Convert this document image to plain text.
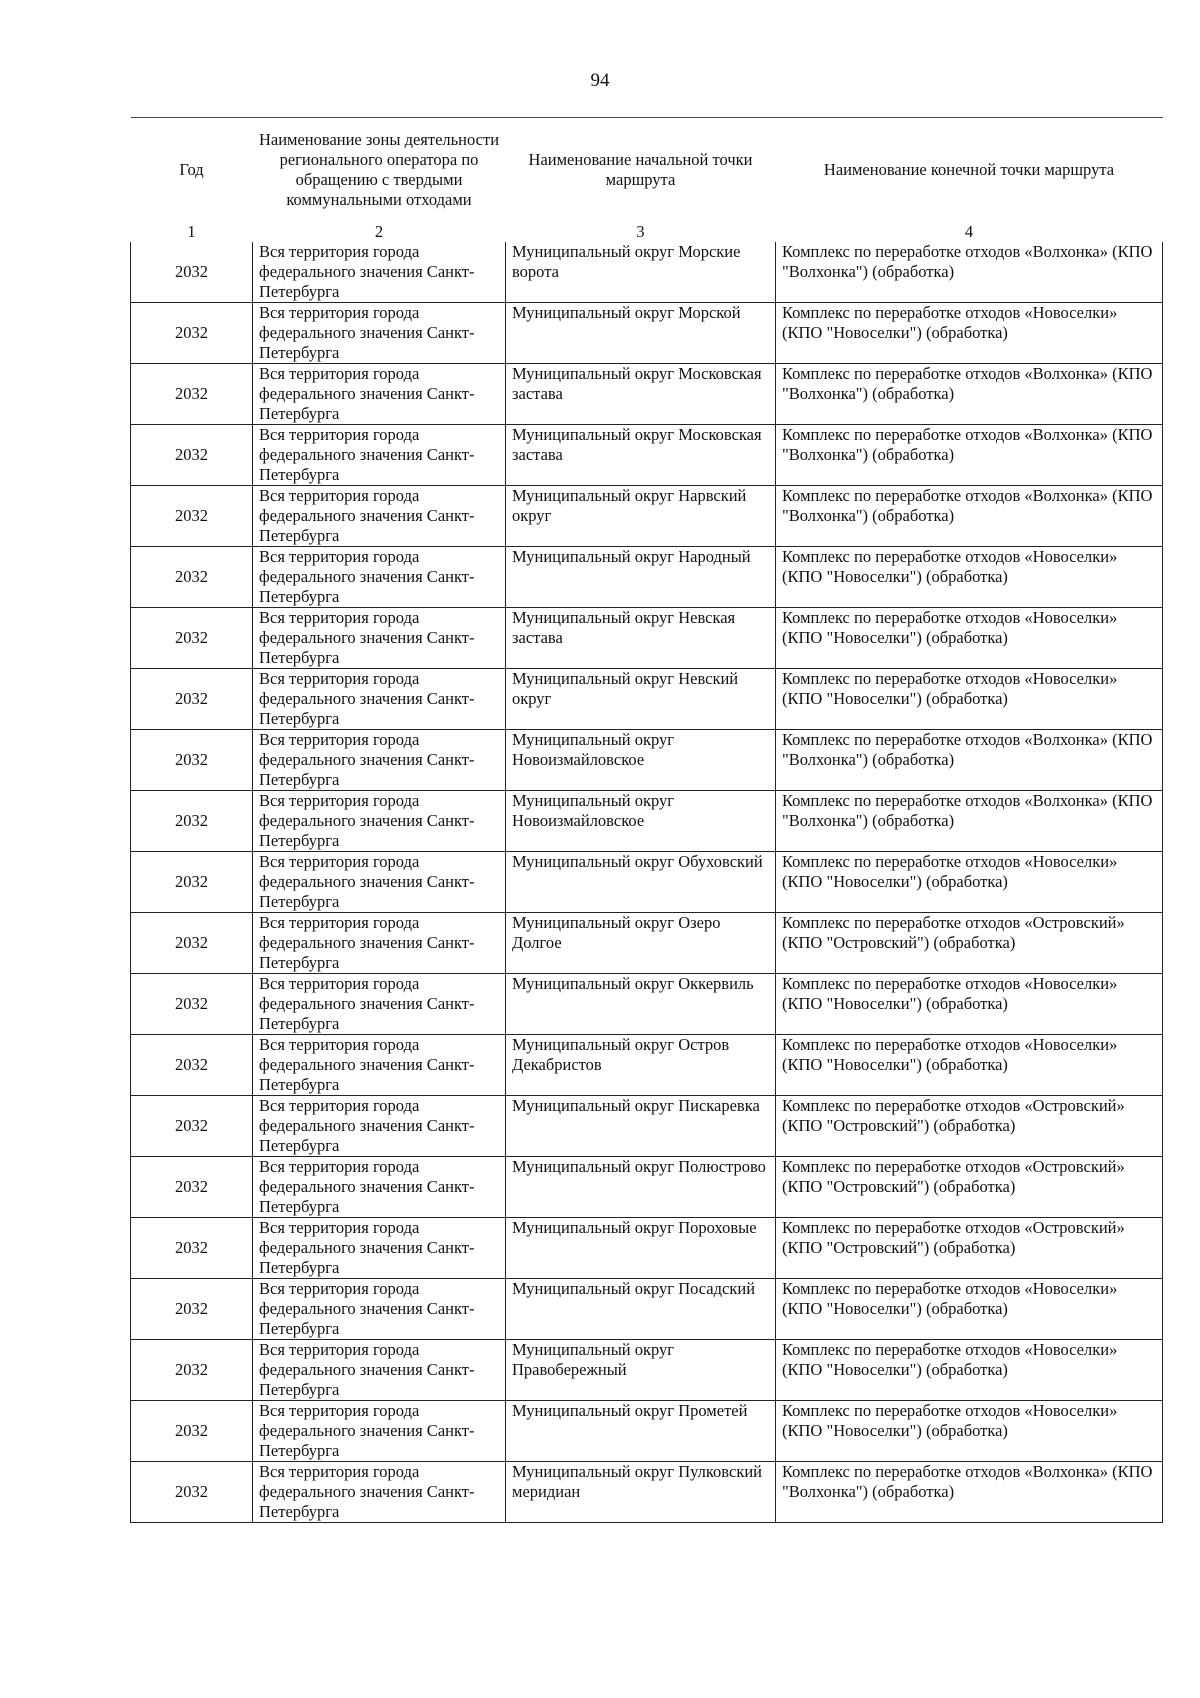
94
Год	Наименование зоны деятельности регионального оператора по обращению с твердыми коммунальными отходами	Наименование начальной точки маршрута	Наименование конечной точки маршрута
1	2	3	4
2032	Вся территория города федерального значения Санкт-Петербурга	Муниципальный округ Морские ворота	Комплекс по переработке отходов «Волхонка» (КПО "Волхонка") (обработка)
2032	Вся территория города федерального значения Санкт-Петербурга	Муниципальный округ Морской	Комплекс по переработке отходов «Новоселки» (КПО "Новоселки") (обработка)
2032	Вся территория города федерального значения Санкт-Петербурга	Муниципальный округ Московская застава	Комплекс по переработке отходов «Волхонка» (КПО "Волхонка") (обработка)
2032	Вся территория города федерального значения Санкт-Петербурга	Муниципальный округ Московская застава	Комплекс по переработке отходов «Волхонка» (КПО "Волхонка") (обработка)
2032	Вся территория города федерального значения Санкт-Петербурга	Муниципальный округ Нарвский округ	Комплекс по переработке отходов «Волхонка» (КПО "Волхонка") (обработка)
2032	Вся территория города федерального значения Санкт-Петербурга	Муниципальный округ Народный	Комплекс по переработке отходов «Новоселки» (КПО "Новоселки") (обработка)
2032	Вся территория города федерального значения Санкт-Петербурга	Муниципальный округ Невская застава	Комплекс по переработке отходов «Новоселки» (КПО "Новоселки") (обработка)
2032	Вся территория города федерального значения Санкт-Петербурга	Муниципальный округ Невский округ	Комплекс по переработке отходов «Новоселки» (КПО "Новоселки") (обработка)
2032	Вся территория города федерального значения Санкт-Петербурга	Муниципальный округ Новоизмайловское	Комплекс по переработке отходов «Волхонка» (КПО "Волхонка") (обработка)
2032	Вся территория города федерального значения Санкт-Петербурга	Муниципальный округ Новоизмайловское	Комплекс по переработке отходов «Волхонка» (КПО "Волхонка") (обработка)
2032	Вся территория города федерального значения Санкт-Петербурга	Муниципальный округ Обуховский	Комплекс по переработке отходов «Новоселки» (КПО "Новоселки") (обработка)
2032	Вся территория города федерального значения Санкт-Петербурга	Муниципальный округ Озеро Долгое	Комплекс по переработке отходов «Островский» (КПО "Островский") (обработка)
2032	Вся территория города федерального значения Санкт-Петербурга	Муниципальный округ Оккервиль	Комплекс по переработке отходов «Новоселки» (КПО "Новоселки") (обработка)
2032	Вся территория города федерального значения Санкт-Петербурга	Муниципальный округ Остров Декабристов	Комплекс по переработке отходов «Новоселки» (КПО "Новоселки") (обработка)
2032	Вся территория города федерального значения Санкт-Петербурга	Муниципальный округ Пискаревка	Комплекс по переработке отходов «Островский» (КПО "Островский") (обработка)
2032	Вся территория города федерального значения Санкт-Петербурга	Муниципальный округ Полюстрово	Комплекс по переработке отходов «Островский» (КПО "Островский") (обработка)
2032	Вся территория города федерального значения Санкт-Петербурга	Муниципальный округ Пороховые	Комплекс по переработке отходов «Островский» (КПО "Островский") (обработка)
2032	Вся территория города федерального значения Санкт-Петербурга	Муниципальный округ Посадский	Комплекс по переработке отходов «Новоселки» (КПО "Новоселки") (обработка)
2032	Вся территория города федерального значения Санкт-Петербурга	Муниципальный округ Правобережный	Комплекс по переработке отходов «Новоселки» (КПО "Новоселки") (обработка)
2032	Вся территория города федерального значения Санкт-Петербурга	Муниципальный округ Прометей	Комплекс по переработке отходов «Новоселки» (КПО "Новоселки") (обработка)
2032	Вся территория города федерального значения Санкт-Петербурга	Муниципальный округ Пулковский меридиан	Комплекс по переработке отходов «Волхонка» (КПО "Волхонка") (обработка)
